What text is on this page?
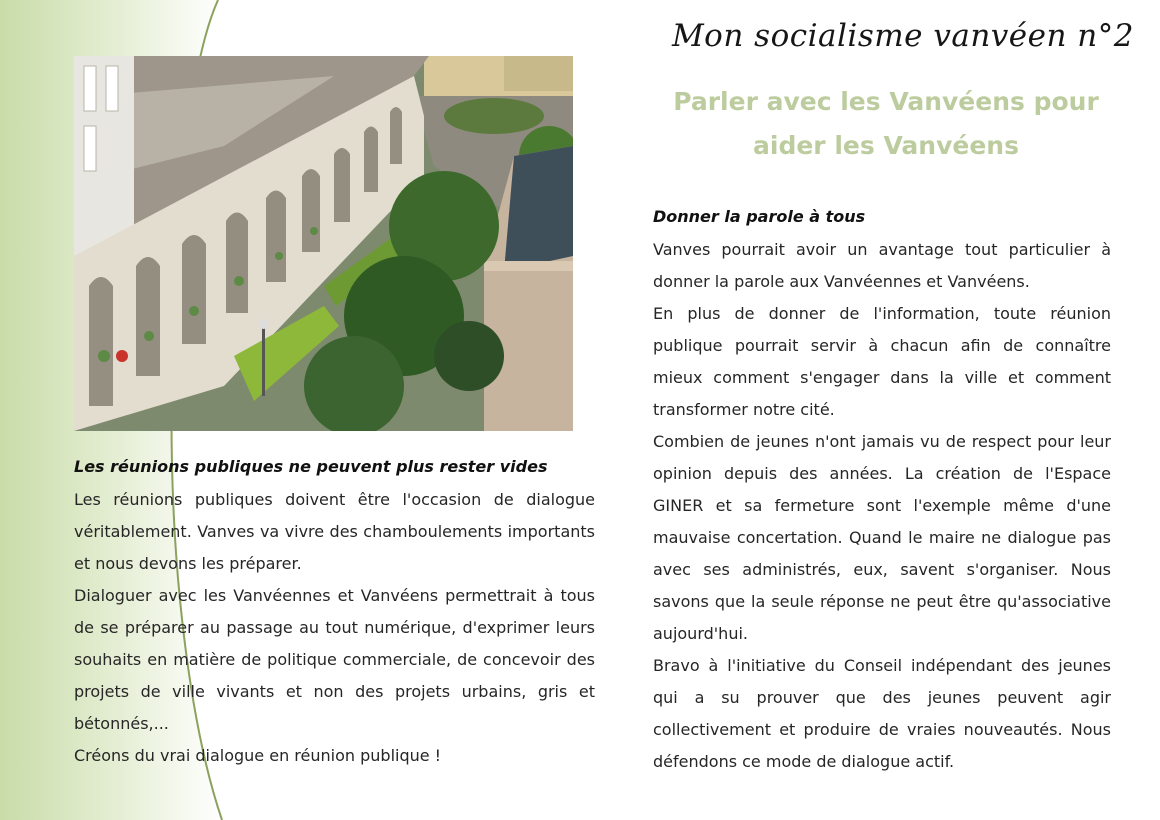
Mon socialisme vanvéen n°2
Parler avec les Vanvéens pour aider les Vanvéens
Les réunions publiques ne peuvent plus rester vides

Les réunions publiques doivent être l'occasion de dialogue véritablement. Vanves va vivre des chamboulements importants et nous devons les préparer.

Dialoguer avec les Vanvéennes et Vanvéens permettrait à tous de se préparer au passage au tout numérique, d'exprimer leurs souhaits en matière de politique commerciale, de concevoir des projets de ville vivants et non des projets urbains, gris et bétonnés,...

Créons du vrai dialogue en réunion publique !

Donner la parole à tous

Vanves pourrait avoir un avantage tout particulier à donner la parole aux Vanvéennes et Vanvéens.

En plus de donner de l'information, toute réunion publique pourrait servir à chacun afin de connaître mieux comment s'engager dans la ville et comment transformer notre cité.

Combien de jeunes n'ont jamais vu de respect pour leur opinion depuis des années. La création de l'Espace GINER et sa fermeture sont l'exemple même d'une mauvaise concertation. Quand le maire ne dialogue pas avec ses administrés, eux, savent s'organiser. Nous savons que la seule réponse ne peut être qu'associative aujourd'hui.

Bravo à l'initiative du Conseil indépendant des jeunes qui a su prouver que des jeunes peuvent agir collectivement et produire de vraies nouveautés. Nous défendons ce mode de dialogue actif.
